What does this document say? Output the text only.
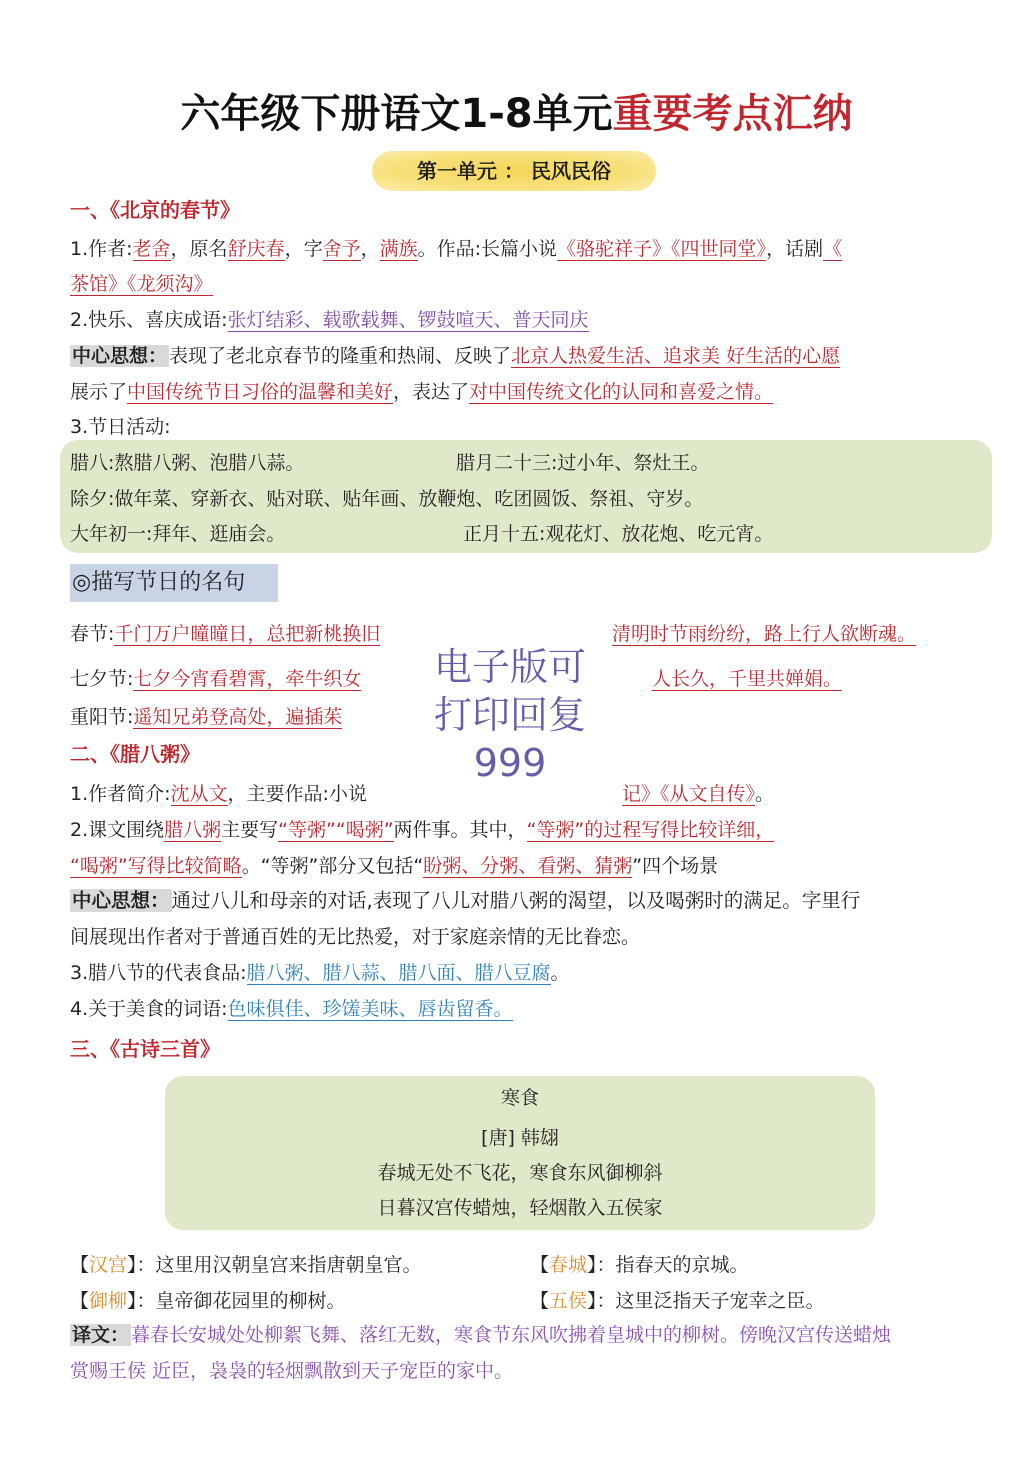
六年级下册语文1-8单元重要考点汇纳
第一单元 ： 民风民俗
一、《北京的春节》
1.作者:老舍，原名舒庆春，字舍予，满族。作品:长篇小说《骆驼祥子》《四世同堂》，话剧《
茶馆》《龙须沟》
2.快乐、喜庆成语:张灯结彩、载歌载舞、锣鼓喧天、普天同庆
中心思想： 表现了老北京春节的隆重和热闹、反映了北京人热爱生活、追求美 好生活的心愿
展示了中国传统节日习俗的温馨和美好，表达了对中国传统文化的认同和喜爱之情。
3.节日活动:
腊八:熬腊八粥、泡腊八蒜。	腊月二十三:过小年、祭灶王。
除夕:做年菜、穿新衣、贴对联、贴年画、放鞭炮、吃团圆饭、祭祖、守岁。
大年初一:拜年、逛庙会。	正月十五:观花灯、放花炮、吃元宵。
◎描写节日的名句
春节:千门万户曈曈日，总把新桃换旧	清明时节雨纷纷，路上行人欲断魂。
七夕节:七夕今宵看碧霄，牵牛织女	人长久，千里共婵娟。
重阳节:遥知兄弟登高处，遍插茱
电子版可
打印回复
999
二、《腊八粥》
1.作者简介:沈从文，主要作品:小说	记》《从文自传》。
2.课文围绕腊八粥主要写“等粥”“喝粥”两件事。其中，“等粥”的过程写得比较详细，
“喝粥”写得比较简略。“等粥”部分又包括“盼粥、分粥、看粥、猜粥”四个场景
中心思想： 通过八儿和母亲的对话,表现了八儿对腊八粥的渴望，以及喝粥时的满足。字里行
间展现出作者对于普通百姓的无比热爱，对于家庭亲情的无比眷恋。
3.腊八节的代表食品:腊八粥、腊八蒜、腊八面、腊八豆腐。
4.关于美食的词语:色味俱佳、珍馐美味、唇齿留香。
三、《古诗三首》
寒食
[唐] 韩翃
春城无处不飞花，寒食东风御柳斜
日暮汉宫传蜡烛，轻烟散入五侯家
【汉宫】：这里用汉朝皇宫来指唐朝皇官。	【春城】：指春天的京城。
【御柳】：皇帝御花园里的柳树。	【五侯】：这里泛指天子宠幸之臣。
译文： 暮春长安城处处柳絮飞舞、落红无数，寒食节东风吹拂着皇城中的柳树。傍晚汉宫传送蜡烛
赏赐王侯 近臣，袅袅的轻烟飘散到天子宠臣的家中。
